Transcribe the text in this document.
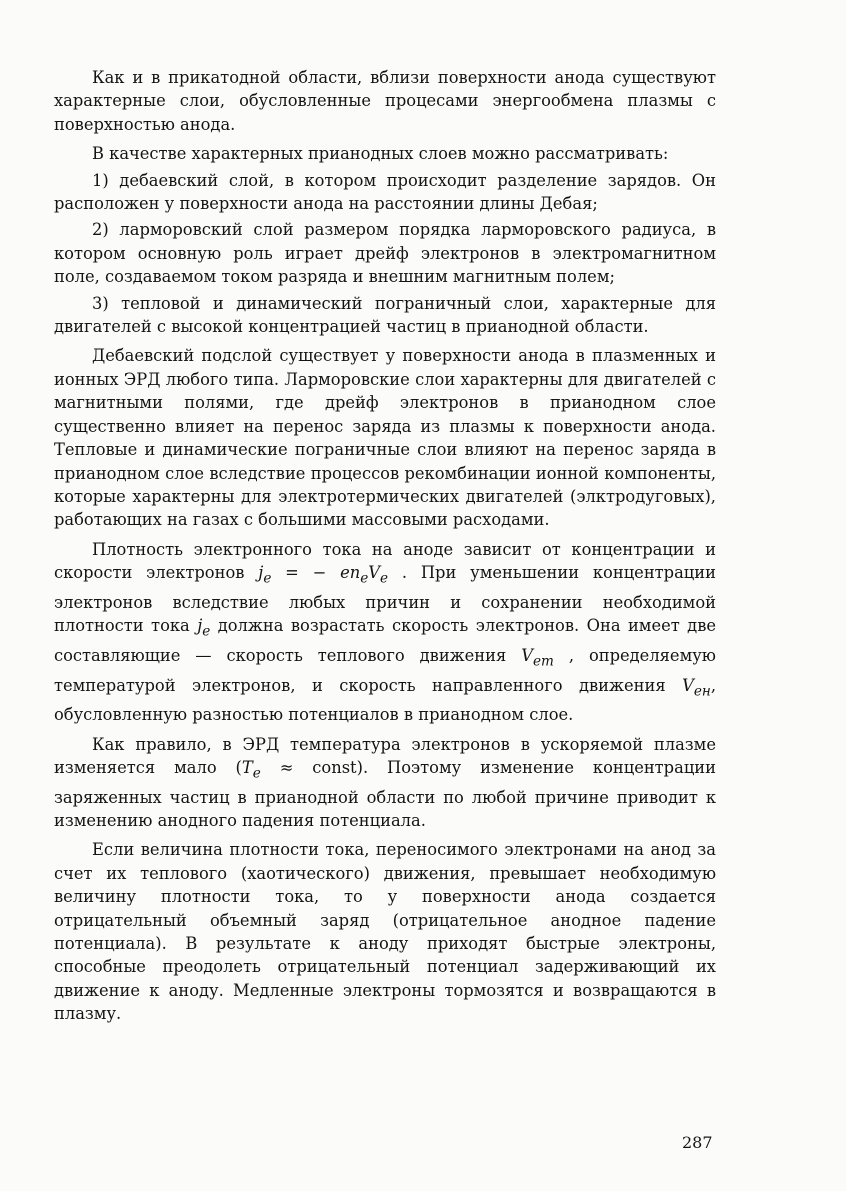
Как и в прикатодной области, вблизи поверхности анода существуют характерные слои, обусловленные процесами энергообмена плазмы с поверхностью анода.

В качестве характерных прианодных слоев можно рассматривать:

1) дебаевский слой, в котором происходит разделение зарядов. Он расположен у поверхности анода на расстоянии длины Дебая;

2) ларморовский слой размером порядка ларморовского радиуса, в котором основную роль играет дрейф электронов в электромагнитном поле, создаваемом током разряда и внешним магнитным полем;

3) тепловой и динамический пограничный слои, характерные для двигателей с высокой концентрацией частиц в прианодной области.

Дебаевский подслой существует у поверхности анода в плазменных и ионных ЭРД любого типа. Ларморовские слои характерны для двигателей с магнитными полями, где дрейф электронов в прианодном слое существенно влияет на перенос заряда из плазмы к поверхности анода. Тепловые и динамические пограничные слои влияют на перенос заряда в прианодном слое вследствие процессов рекомбинации ионной компоненты, которые характерны для электротермических двигателей (элктродуговых), работающих на газах с большими массовыми расходами.

Плотность электронного тока на аноде зависит от концентрации и скорости электронов $j_e$ = − $en_eV_e$ . При уменьшении концентрации электронов вследствие любых причин и сохранении необходимой плотности тока $j_e$ должна возрастать скорость электронов. Она имеет две составляющие — скорость теплового движения $V_{eт}$ , определяемую температурой электронов, и скорость направленного движения $V_{eн}$, обусловленную разностью потенциалов в прианодном слое.

Как правило, в ЭРД температура электронов в ускоряемой плазме изменяется мало ($T_e$ ≈ const). Поэтому изменение концентрации заряженных частиц в прианодной области по любой причине приводит к изменению анодного падения потенциала.

Если величина плотности тока, переносимого электронами на анод за счет их теплового (хаотического) движения, превышает необходимую величину плотности тока, то у поверхности анода создается отрицательный объемный заряд (отрицательное анодное падение потенциала). В результате к аноду приходят быстрые электроны, способные преодолеть отрицательный потенциал задерживающий их движение к аноду. Медленные электроны тормозятся и возвращаются в плазму.

287
